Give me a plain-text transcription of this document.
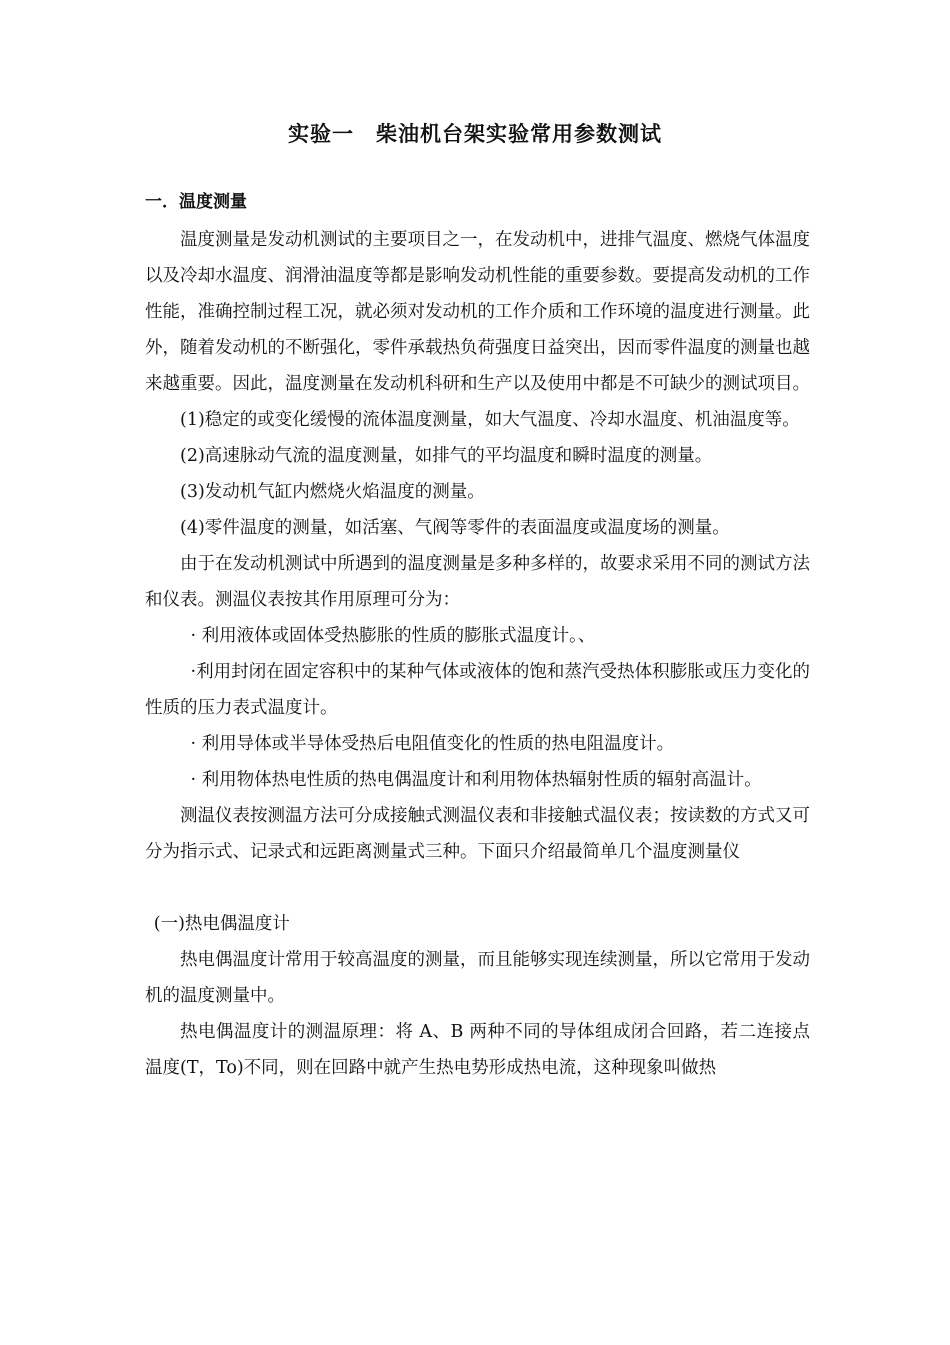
实验一　柴油机台架实验常用参数测试
一．温度测量

温度测量是发动机测试的主要项目之一，在发动机中，进排气温度、燃烧气体温度以及冷却水温度、润滑油温度等都是影响发动机性能的重要参数。要提高发动机的工作性能，准确控制过程工况，就必须对发动机的工作介质和工作环境的温度进行测量。此外，随着发动机的不断强化，零件承载热负荷强度日益突出，因而零件温度的测量也越来越重要。因此，温度测量在发动机科研和生产以及使用中都是不可缺少的测试项目。

(1)稳定的或变化缓慢的流体温度测量，如大气温度、冷却水温度、机油温度等。

(2)高速脉动气流的温度测量，如排气的平均温度和瞬时温度的测量。

(3)发动机气缸内燃烧火焰温度的测量。

(4)零件温度的测量，如活塞、气阀等零件的表面温度或温度场的测量。

由于在发动机测试中所遇到的温度测量是多种多样的，故要求采用不同的测试方法和仪表。测温仪表按其作用原理可分为：

· 利用液体或固体受热膨胀的性质的膨胀式温度计。、

·利用封闭在固定容积中的某种气体或液体的饱和蒸汽受热体积膨胀或压力变化的性质的压力表式温度计。

· 利用导体或半导体受热后电阻值变化的性质的热电阻温度计。

· 利用物体热电性质的热电偶温度计和利用物体热辐射性质的辐射高温计。

测温仪表按测温方法可分成接触式测温仪表和非接触式温仪表；按读数的方式又可分为指示式、记录式和远距离测量式三种。下面只介绍最简单几个温度测量仪

(一)热电偶温度计

热电偶温度计常用于较高温度的测量，而且能够实现连续测量，所以它常用于发动机的温度测量中。

热电偶温度计的测温原理：将 A、B 两种不同的导体组成闭合回路，若二连接点温度(T，To)不同，则在回路中就产生热电势形成热电流，这种现象叫做热
